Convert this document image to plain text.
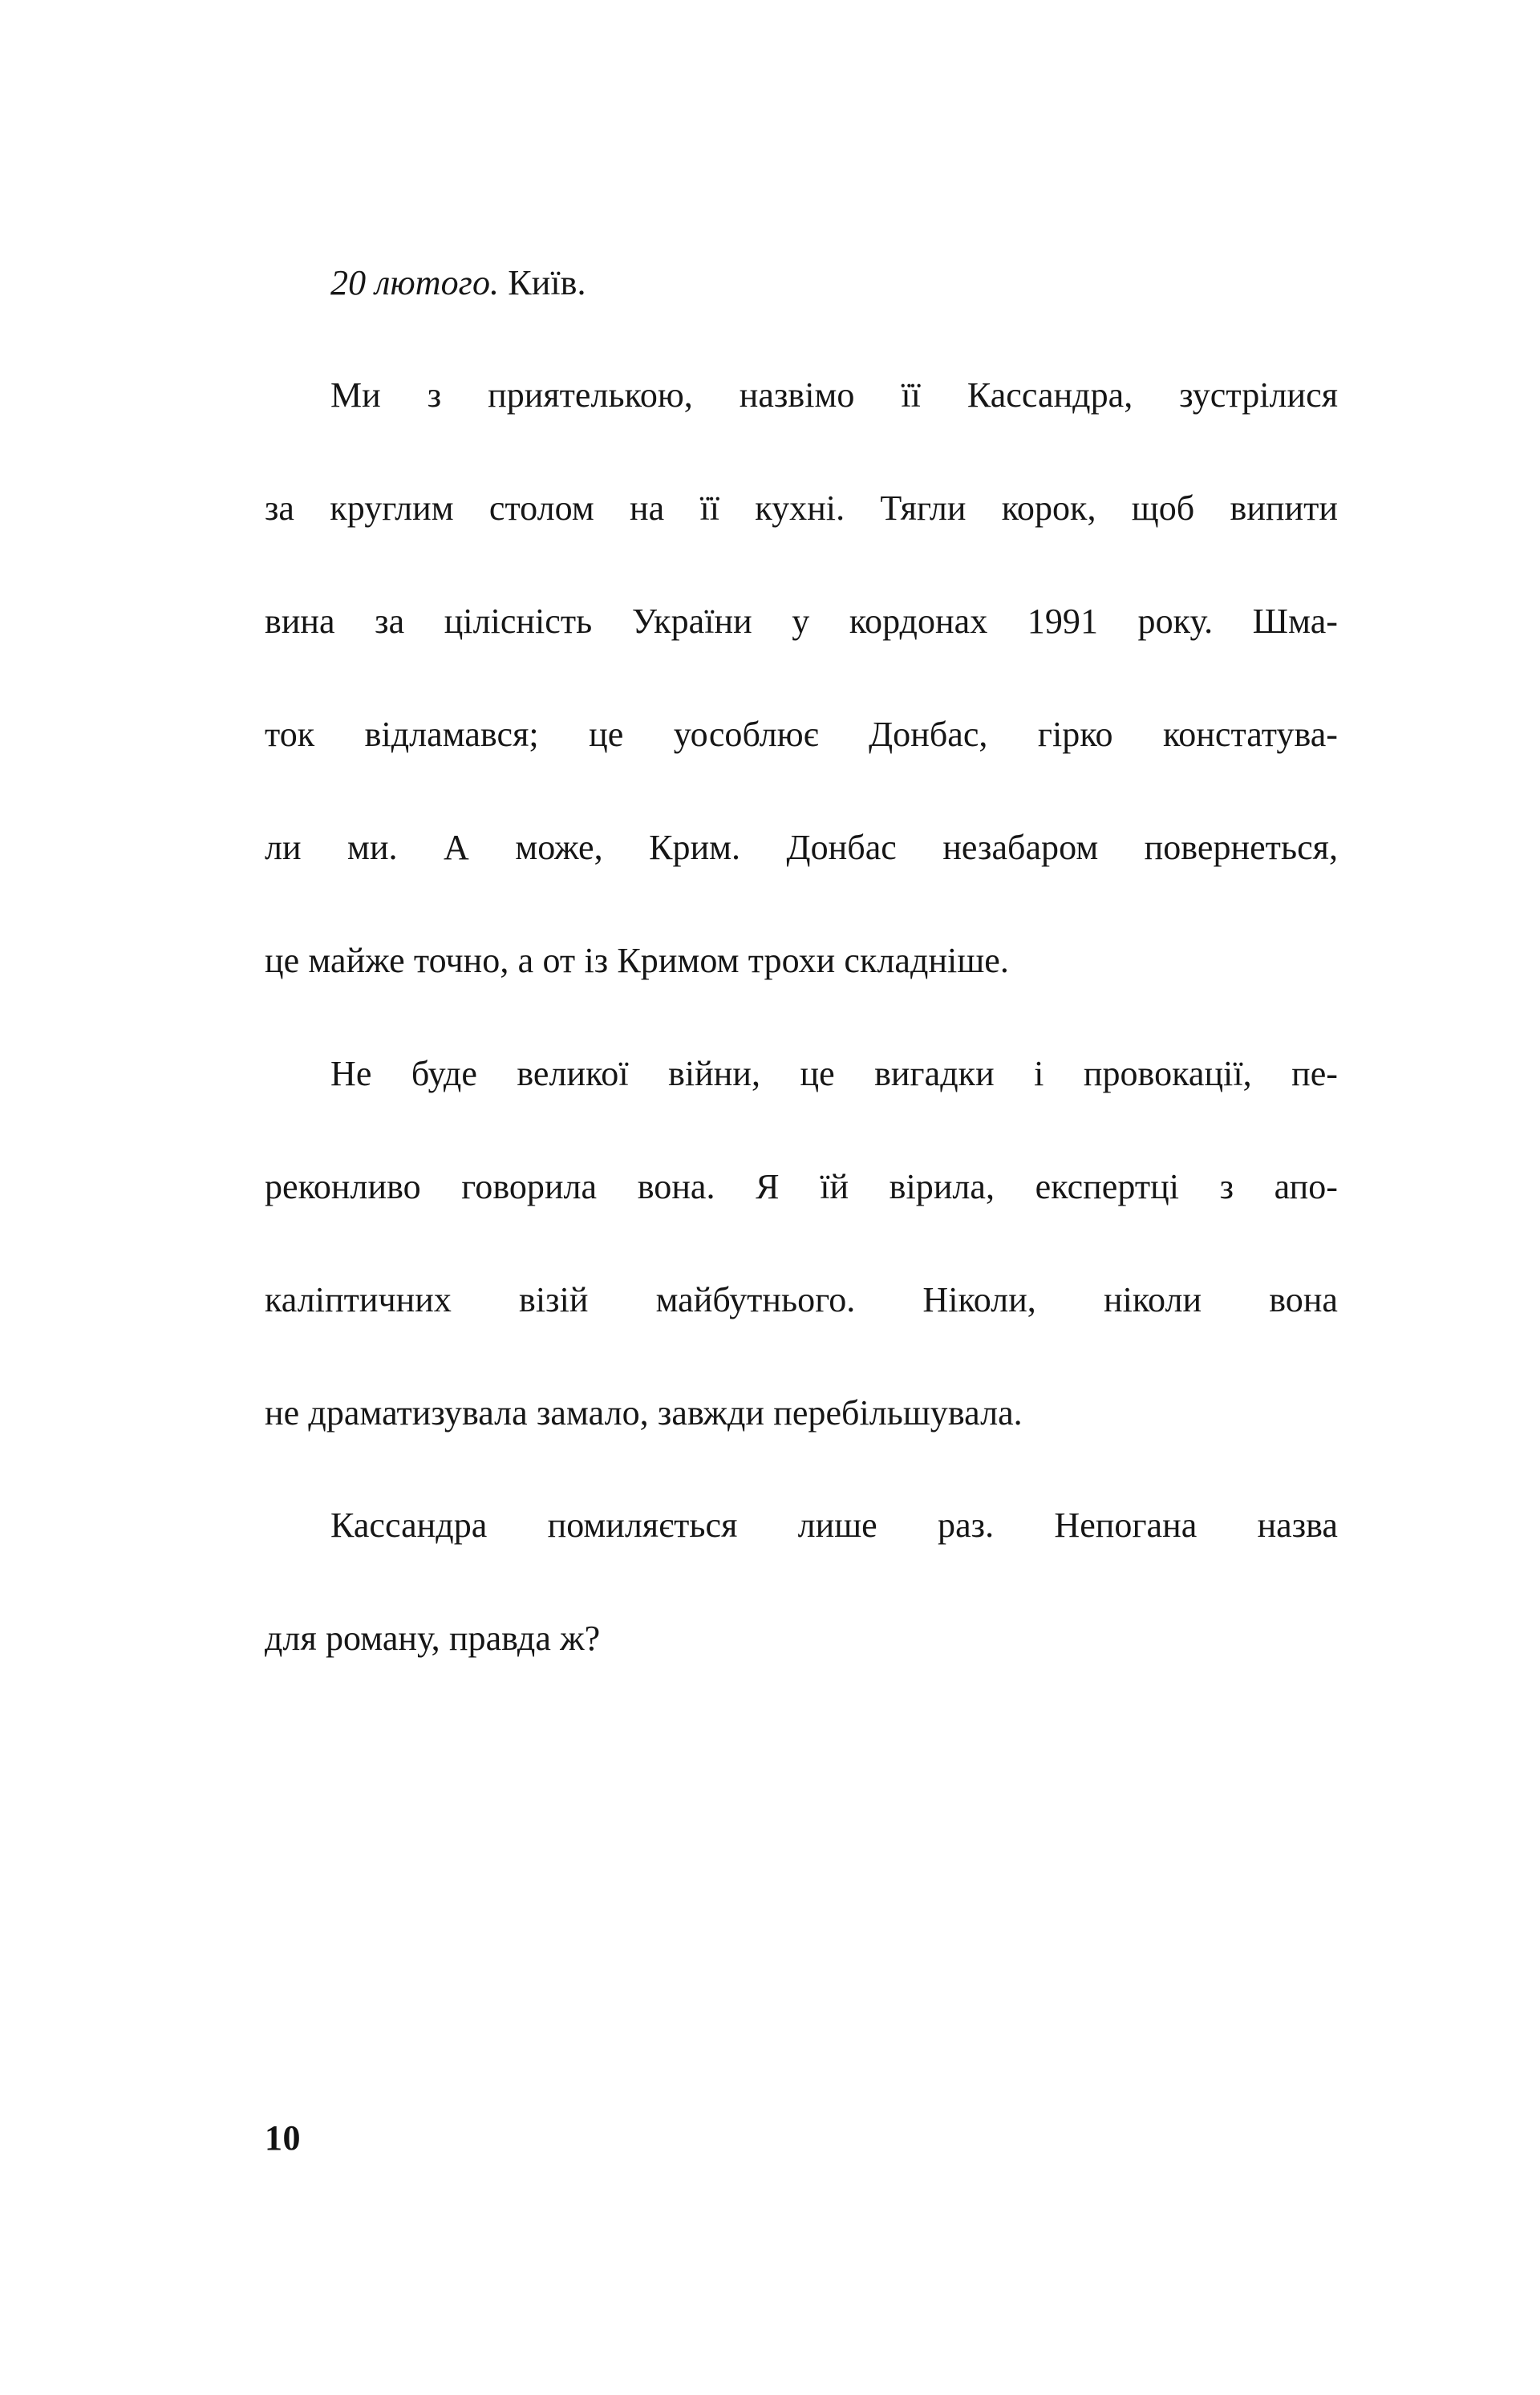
20 лютого. Київ.

Ми з приятелькою, назвімо її Кассандра, зустрілися
за круглим столом на її кухні. Тягли корок, щоб випити
вина за цілісність України у кордонах 1991 року. Шма-
ток відламався; це уособлює Донбас, гірко констатува-
ли ми. А може, Крим. Донбас незабаром повернеться,
це майже точно, а от із Кримом трохи складніше.

Не буде великої війни, це вигадки і провокації, пе-
реконливо говорила вона. Я їй вірила, експертці з апо-
каліптичних візій майбутнього. Ніколи, ніколи вона
не драматизувала замало, завжди перебільшувала.

Кассандра помиляється лише раз. Непогана назва
для роману, правда ж?

10
